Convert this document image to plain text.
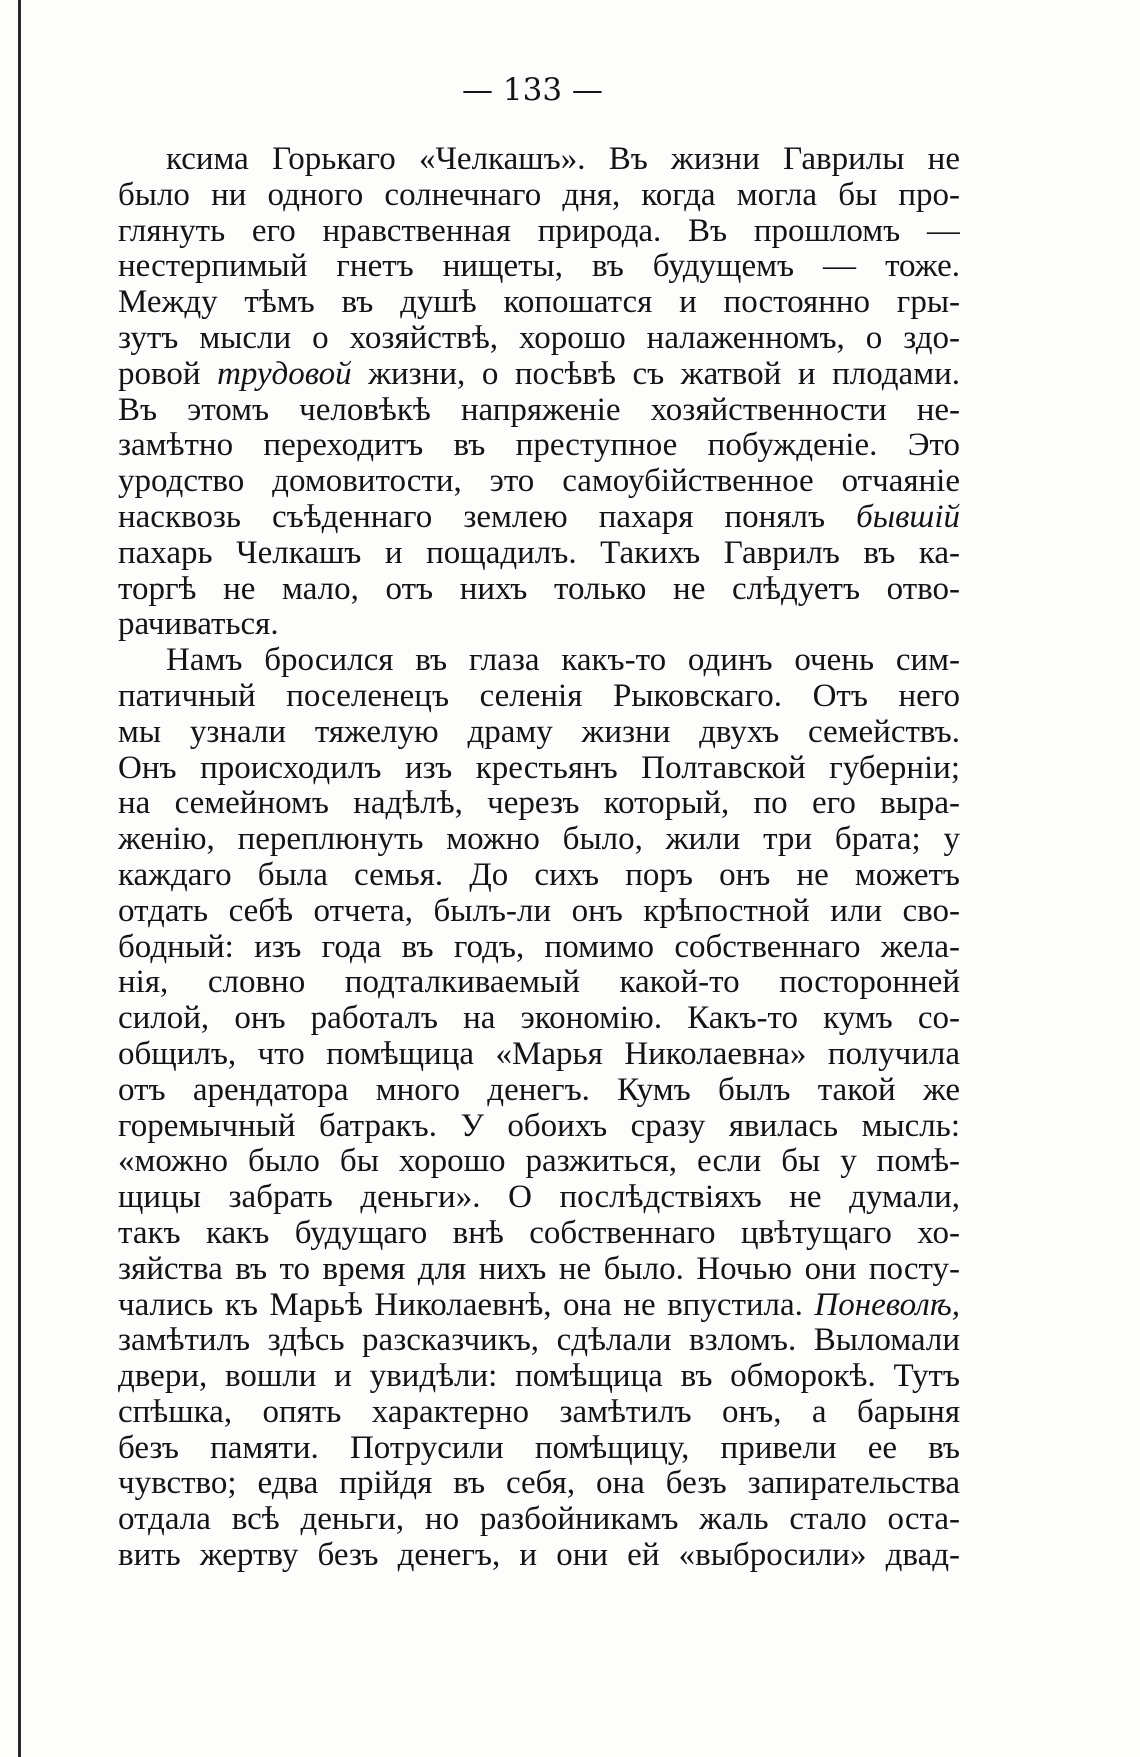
— 133 —
ксима Горькаго «Челкашъ». Въ жизни Гаврилы не
было ни одного солнечнаго дня, когда могла бы про-
глянуть его нравственная природа. Въ прошломъ —
нестерпимый гнетъ нищеты, въ будущемъ — тоже.
Между тѣмъ въ душѣ копошатся и постоянно гры-
зутъ мысли о хозяйствѣ, хорошо налаженномъ, о здо-
ровой трудовой жизни, о посѣвѣ съ жатвой и плодами.
Въ этомъ человѣкѣ напряженіе хозяйственности не-
замѣтно переходитъ въ преступное побужденіе. Это
уродство домовитости, это самоубійственное отчаяніе
насквозь съѣденнаго землею пахаря понялъ бывшій
пахарь Челкашъ и пощадилъ. Такихъ Гаврилъ въ ка-
торгѣ не мало, отъ нихъ только не слѣдуетъ отво-
рачиваться.
Намъ бросился въ глаза какъ-то одинъ очень сим-
патичный поселенецъ селенія Рыковскаго. Отъ него
мы узнали тяжелую драму жизни двухъ семействъ.
Онъ происходилъ изъ крестьянъ Полтавской губерніи;
на семейномъ надѣлѣ, черезъ который, по его выра-
женію, переплюнуть можно было, жили три брата; у
каждаго была семья. До сихъ поръ онъ не можетъ
отдать себѣ отчета, былъ-ли онъ крѣпостной или сво-
бодный: изъ года въ годъ, помимо собственнаго жела-
нія, словно подталкиваемый какой-то посторонней
силой, онъ работалъ на экономію. Какъ-то кумъ со-
общилъ, что помѣщица «Марья Николаевна» получила
отъ арендатора много денегъ. Кумъ былъ такой же
горемычный батракъ. У обоихъ сразу явилась мысль:
«можно было бы хорошо разжиться, если бы у помѣ-
щицы забрать деньги». О послѣдствіяхъ не думали,
такъ какъ будущаго внѣ собственнаго цвѣтущаго хо-
зяйства въ то время для нихъ не было. Ночью они посту-
чались къ Марьѣ Николаевнѣ, она не впустила. Поневолѣ,
замѣтилъ здѣсь разсказчикъ, сдѣлали взломъ. Выломали
двери, вошли и увидѣли: помѣщица въ обморокѣ. Тутъ
спѣшка, опять характерно замѣтилъ онъ, а барыня
безъ памяти. Потрусили помѣщицу, привели ее въ
чувство; едва прійдя въ себя, она безъ запирательства
отдала всѣ деньги, но разбойникамъ жаль стало оста-
вить жертву безъ денегъ, и они ей «выбросили» двад-
